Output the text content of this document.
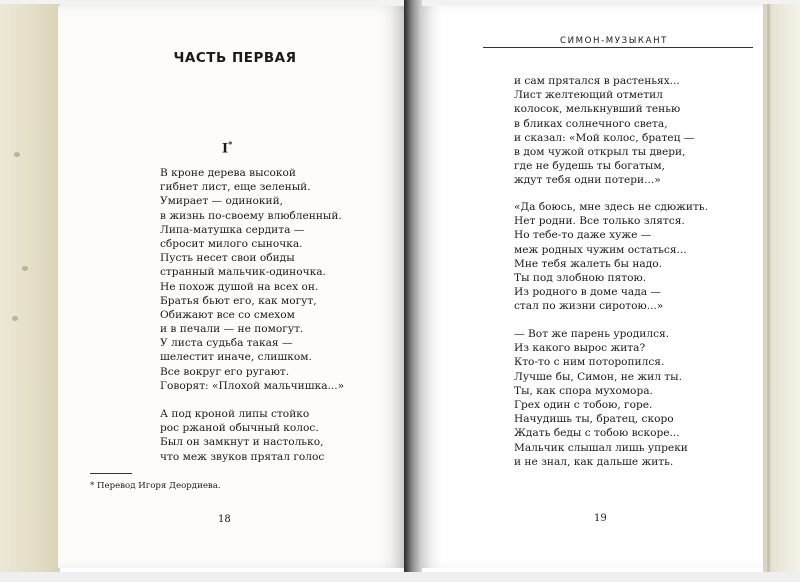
ЧАСТЬ ПЕРВАЯ
I*
В кроне дерева высокой
гибнет лист, еще зеленый.
Умирает — одинокий,
в жизнь по-своему влюбленный.
Липа-матушка сердита —
сбросит милого сыночка.
Пусть несет свои обиды
странный мальчик-одиночка.
Не похож душой на всех он.
Братья бьют его, как могут,
Обижают все со смехом
и в печали — не помогут.
У листа судьба такая —
шелестит иначе, слишком.
Все вокруг его ругают.
Говорят: «Плохой мальчишка...»
А под кроной липы стойко
рос ржаной обычный колос.
Был он замкнут и настолько,
что меж звуков прятал голос
* Перевод Игоря Деордиева.
18
СИМОН-МУЗЫКАНТ
и сам прятался в растеньях...
Лист желтеющий отметил
колосок, мелькнувший тенью
в бликах солнечного света,
и сказал: «Мой колос, братец —
в дом чужой открыл ты двери,
где не будешь ты богатым,
ждут тебя одни потери...»
«Да боюсь, мне здесь не сдюжить.
Нет родни. Все только злятся.
Но тебе-то даже хуже —
меж родных чужим остаться...
Мне тебя жалеть бы надо.
Ты под злобною пятою.
Из родного в доме чада —
стал по жизни сиротою...»
— Вот же парень уродился.
Из какого вырос жита?
Кто-то с ним поторопился.
Лучше бы, Симон, не жил ты.
Ты, как спора мухомора.
Грех один с тобою, горе.
Начудишь ты, братец, скоро
Ждать беды с тобою вскоре...
Мальчик слышал лишь упреки
и не знал, как дальше жить.
19
